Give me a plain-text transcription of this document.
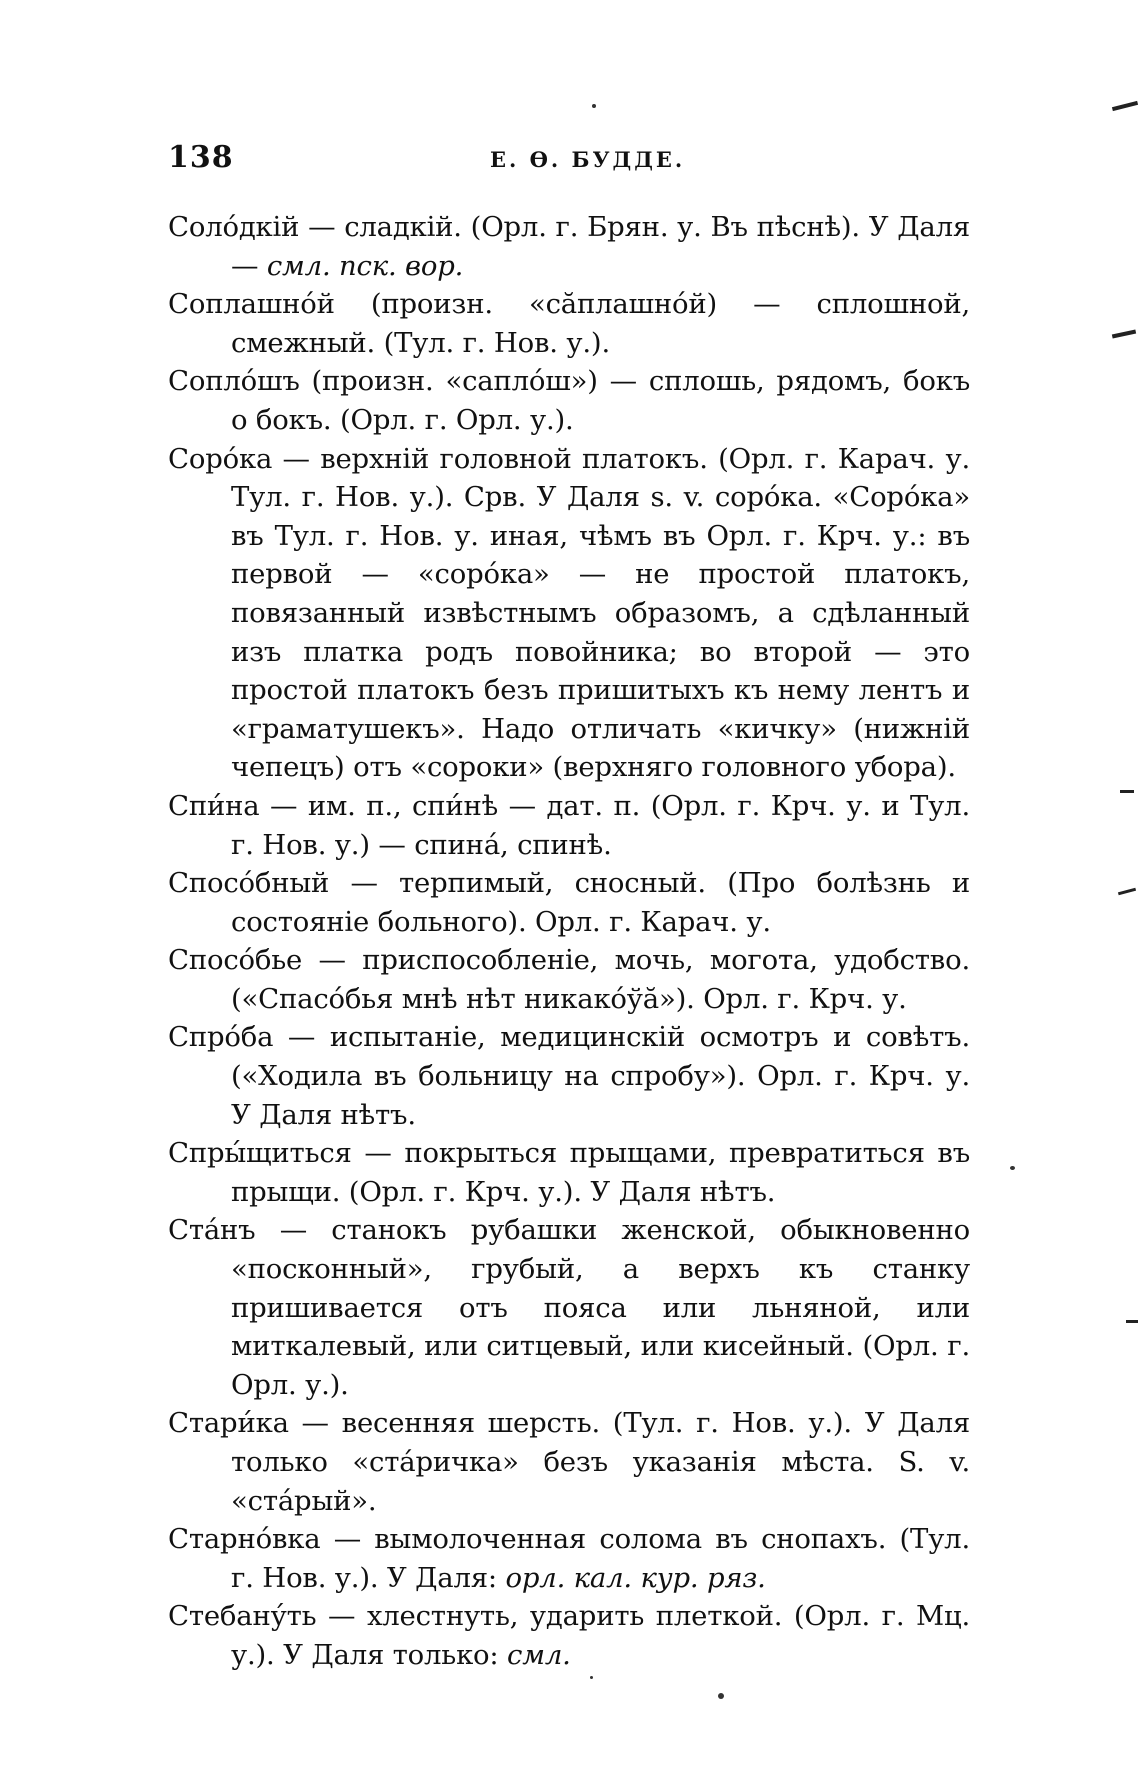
138	Е. Ѳ. БУДДЕ.

Солóдкій — сладкій. (Орл. г. Брян. у. Въ пѣснѣ). У Даля — смл. пск. вор.

Соплашнóй (произн. «сăплашнóй) — сплошной, смежный. (Тул. г. Нов. у.).

Соплóшъ (произн. «саплóш») — сплошь, рядомъ, бокъ о бокъ. (Орл. г. Орл. у.).

Сорóка — верхній головной платокъ. (Орл. г. Карач. у. Тул. г. Нов. у.). Срв. У Даля s. v. сорóка. «Сорóка» въ Тул. г. Нов. у. иная, чѣмъ въ Орл. г. Крч. у.: въ первой — «сорóка» — не простой платокъ, повязанный извѣстнымъ образомъ, а сдѣланный изъ платка родъ повойника; во второй — это простой платокъ безъ пришитыхъ къ нему лентъ и «граматушекъ». Надо отличать «кичку» (нижній чепецъ) отъ «сороки» (верхняго головного убора).

Спи́на — им. п., спи́нѣ — дат. п. (Орл. г. Крч. у. и Тул. г. Нов. у.) — спинá, спинѣ.

Спосóбный — терпимый, сносный. (Про болѣзнь и состояніе больного). Орл. г. Карач. у.

Спосóбье — приспособленіе, мочь, могота, удобство. («Спасóбья мнѣ нѣт никакóўă»). Орл. г. Крч. у.

Спрóба — испытаніе, медицинскій осмотръ и совѣтъ. («Ходила въ больницу на спробу»). Орл. г. Крч. у. У Даля нѣтъ.

Спры́щиться — покрыться прыщами, превратиться въ прыщи. (Орл. г. Крч. у.). У Даля нѣтъ.

Стáнъ — станокъ рубашки женской, обыкновенно «посконный», грубый, а верхъ къ станку пришивается отъ пояса или льняной, или миткалевый, или ситцевый, или кисейный. (Орл. г. Орл. у.).

Стари́ка — весенняя шерсть. (Тул. г. Нов. у.). У Даля только «стáричка» безъ указанія мѣста. S. v. «стáрый».

Старнóвка — вымолоченная солома въ снопахъ. (Тул. г. Нов. у.). У Даля: орл. кал. кур. ряз.

Стебану́ть — хлестнуть, ударить плеткой. (Орл. г. Мц. у.). У Даля только: смл.
